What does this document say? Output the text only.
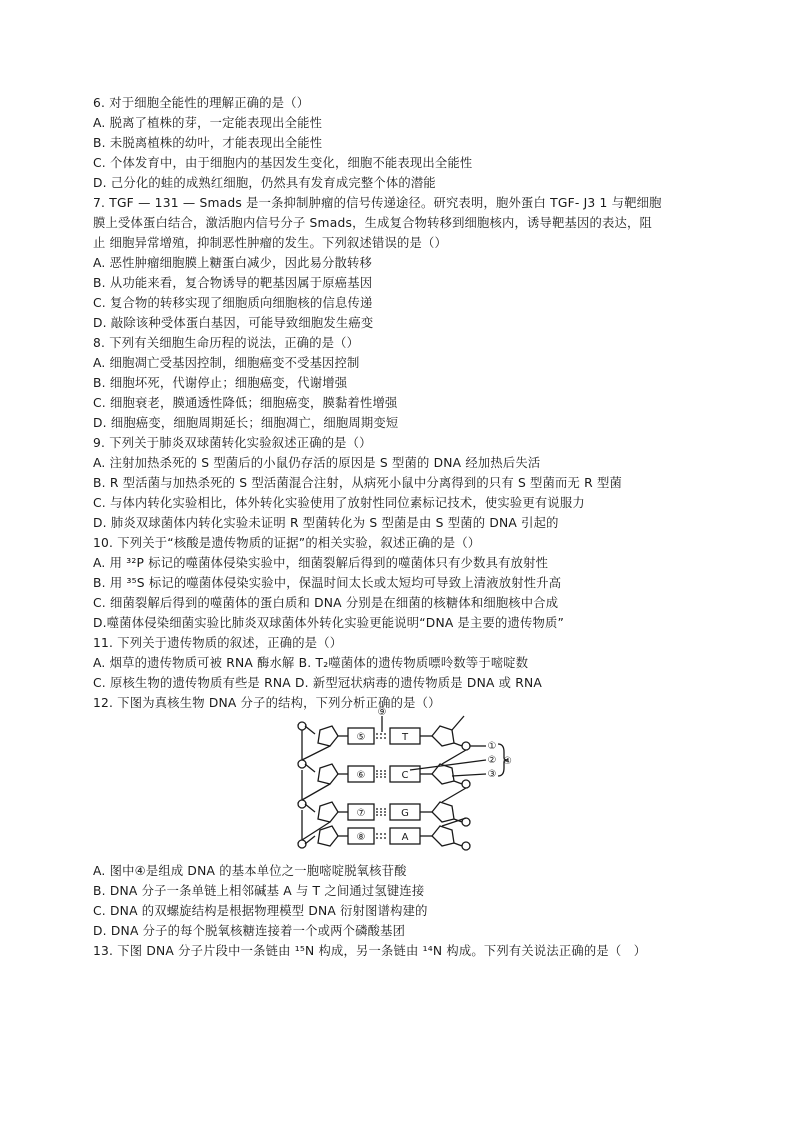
6. 对于细胞全能性的理解正确的是（）
A. 脱离了植株的芽，一定能表现出全能性
B. 未脱离植株的幼叶，才能表现出全能性
C. 个体发育中，由于细胞内的基因发生变化，细胞不能表现出全能性
D. 己分化的蛙的成熟红细胞，仍然具有发育成完整个体的潜能
7. TGF — 131 — Smads 是一条抑制肿瘤的信号传递途径。研究表明，胞外蛋白 TGF- J3 1 与靶细胞
膜上受体蛋白结合，激活胞内信号分子 Smads，生成复合物转移到细胞核内，诱导靶基因的表达，阻
止 细胞异常增殖，抑制恶性肿瘤的发生。下列叙述错误的是（）
A. 恶性肿瘤细胞膜上糖蛋白减少，因此易分散转移
B. 从功能来看，复合物诱导的靶基因属于原癌基因
C. 复合物的转移实现了细胞质向细胞核的信息传递
D. 敲除该种受体蛋白基因，可能导致细胞发生癌变
8. 下列有关细胞生命历程的说法，正确的是（）
A. 细胞凋亡受基因控制，细胞癌变不受基因控制
B. 细胞坏死，代谢停止；细胞癌变，代谢增强
C. 细胞衰老，膜通透性降低；细胞癌变，膜黏着性增强
D. 细胞癌变，细胞周期延长；细胞凋亡，细胞周期变短
9. 下列关于肺炎双球菌转化实验叙述正确的是（）
A. 注射加热杀死的 S 型菌后的小鼠仍存活的原因是 S 型菌的 DNA 经加热后失活
B. R 型活菌与加热杀死的 S 型活菌混合注射，从病死小鼠中分离得到的只有 S 型菌而无 R 型菌
C. 与体内转化实验相比，体外转化实验使用了放射性同位素标记技术，使实验更有说服力
D. 肺炎双球菌体内转化实验未证明 R 型菌转化为 S 型菌是由 S 型菌的 DNA 引起的
10. 下列关于“核酸是遗传物质的证据”的相关实验，叙述正确的是（）
A. 用 ³²P 标记的噬菌体侵染实验中，细菌裂解后得到的噬菌体只有少数具有放射性
B. 用 ³⁵S 标记的噬菌体侵染实验中，保温时间太长或太短均可导致上清液放射性升高
C. 细菌裂解后得到的噬菌体的蛋白质和 DNA 分别是在细菌的核糖体和细胞核中合成
D.噬菌体侵染细菌实验比肺炎双球菌体外转化实验更能说明“DNA 是主要的遗传物质”
11. 下列关于遗传物质的叙述，正确的是（）
A. 烟草的遗传物质可被 RNA 酶水解 B. T₂噬菌体的遗传物质嘌呤数等于嘧啶数
C. 原核生物的遗传物质有些是 RNA D. 新型冠状病毒的遗传物质是 DNA 或 RNA
12. 下图为真核生物 DNA 分子的结构，下列分析正确的是（）
⑤
⑥
⑦
⑧
T
C
G
A
⑨
①
②
③
④
A. 图中④是组成 DNA 的基本单位之一胞嘧啶脱氧核苷酸
B. DNA 分子一条单链上相邻碱基 A 与 T 之间通过氢键连接
C. DNA 的双螺旋结构是根据物理模型 DNA 衍射图谱构建的
D. DNA 分子的每个脱氧核糖连接着一个或两个磷酸基团
13. 下图 DNA 分子片段中一条链由 ¹⁵N 构成，另一条链由 ¹⁴N 构成。下列有关说法正确的是（　）
